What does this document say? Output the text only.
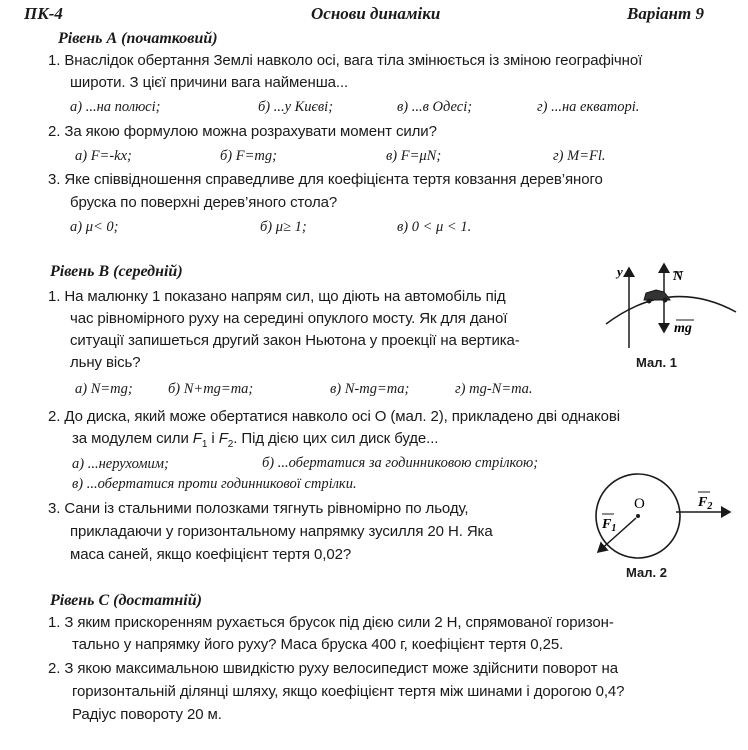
ПК-4	Основи динаміки	Варіант 9
Рівень А (початковий)
1. Внаслідок обертання Землі навколо осі, вага тіла змінюється із зміною географічної
широти. З цієї причини вага найменша...
а) ...на полюсі;	б) ...у Києві;	в) ...в Одесі;	г) ...на екваторі.
2. За якою формулою можна розрахувати момент сили?
а) F=-kx;	б) F=mg;	в) F=μN;	г) M=Fl.
3. Яке співвідношення справедливе для коефіцієнта тертя ковзання дерев’яного
бруска по поверхні дерев’яного стола?
а) μ< 0;	б) μ≥ 1;	в) 0 < μ < 1.
Рівень В (середній)
1. На малюнку 1 показано напрям сил, що діють на автомобіль під
час рівномірного руху на середині опуклого мосту. Як для даної
ситуації запишеться другий закон Ньютона у проекції на вертика-
льну вісь?
а) N=mg; б) N+mg=ma;	в) N-mg=ma;	г) mg-N=ma.
2. До диска, який може обертатися навколо осі О (мал. 2), прикладено дві однакові
за модулем сили $F_1$ і $F_2$. Під дією цих сил диск буде...
а) ...нерухомим;	б) ...обертатися за годинниковою стрілкою;
в) ...обертатися проти годинникової стрілки.
3. Сани із стальними полозками тягнуть рівномірно по льоду,
прикладаючи у горизонтальному напрямку зусилля 20 Н. Яка
маса саней, якщо коефіцієнт тертя 0,02?
y	N
mg
Мал. 1
O
$F_1$
$F_2$
Мал. 2
Рівень С (достатній)
1. З яким прискоренням рухається брусок під дією сили 2 Н, спрямованої горизон-
тально у напрямку його руху? Маса бруска 400 г, коефіцієнт тертя 0,25.
2. З якою максимальною швидкістю руху велосипедист може здійснити поворот на
горизонтальній ділянці шляху, якщо коефіцієнт тертя між шинами і дорогою 0,4?
Радіус повороту 20 м.
